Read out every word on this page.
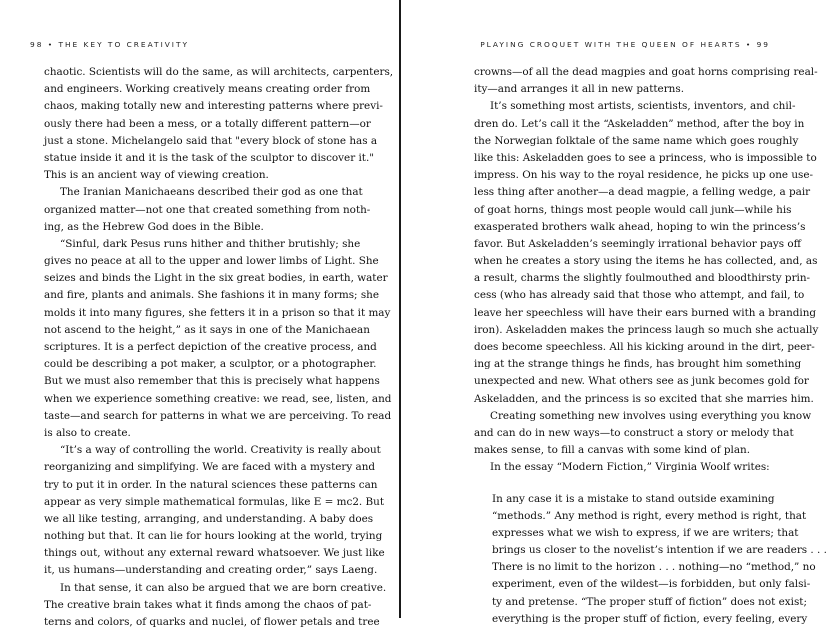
98 • THE KEY TO CREATIVITY
chaotic. Scientists will do the same, as will architects, carpenters,
and engineers. Working creatively means creating order from
chaos, making totally new and interesting patterns where previ-
ously there had been a mess, or a totally different pattern—or
just a stone. Michelangelo said that "every block of stone has a
statue inside it and it is the task of the sculptor to discover it."
This is an ancient way of viewing creation.
The Iranian Manichaeans described their god as one that
organized matter—not one that created something from noth-
ing, as the Hebrew God does in the Bible.
“Sinful, dark Pesus runs hither and thither brutishly; she
gives no peace at all to the upper and lower limbs of Light. She
seizes and binds the Light in the six great bodies, in earth, water
and fire, plants and animals. She fashions it in many forms; she
molds it into many figures, she fetters it in a prison so that it may
not ascend to the height,” as it says in one of the Manichaean
scriptures. It is a perfect depiction of the creative process, and
could be describing a pot maker, a sculptor, or a photographer.
But we must also remember that this is precisely what happens
when we experience something creative: we read, see, listen, and
taste—and search for patterns in what we are perceiving. To read
is also to create.
“It’s a way of controlling the world. Creativity is really about
reorganizing and simplifying. We are faced with a mystery and
try to put it in order. In the natural sciences these patterns can
appear as very simple mathematical formulas, like E = mc2. But
we all like testing, arranging, and understanding. A baby does
nothing but that. It can lie for hours looking at the world, trying
things out, without any external reward whatsoever. We just like
it, us humans—understanding and creating order,” says Laeng.
In that sense, it can also be argued that we are born creative.
The creative brain takes what it finds among the chaos of pat-
terns and colors, of quarks and nuclei, of flower petals and tree
PLAYING CROQUET WITH THE QUEEN OF HEARTS • 99
crowns—of all the dead magpies and goat horns comprising real-
ity—and arranges it all in new patterns.
It’s something most artists, scientists, inventors, and chil-
dren do. Let’s call it the “Askeladden” method, after the boy in
the Norwegian folktale of the same name which goes roughly
like this: Askeladden goes to see a princess, who is impossible to
impress. On his way to the royal residence, he picks up one use-
less thing after another—a dead magpie, a felling wedge, a pair
of goat horns, things most people would call junk—while his
exasperated brothers walk ahead, hoping to win the princess’s
favor. But Askeladden’s seemingly irrational behavior pays off
when he creates a story using the items he has collected, and, as
a result, charms the slightly foulmouthed and bloodthirsty prin-
cess (who has already said that those who attempt, and fail, to
leave her speechless will have their ears burned with a branding
iron). Askeladden makes the princess laugh so much she actually
does become speechless. All his kicking around in the dirt, peer-
ing at the strange things he finds, has brought him something
unexpected and new. What others see as junk becomes gold for
Askeladden, and the princess is so excited that she marries him.
Creating something new involves using everything you know
and can do in new ways—to construct a story or melody that
makes sense, to fill a canvas with some kind of plan.
In the essay “Modern Fiction,” Virginia Woolf writes:
In any case it is a mistake to stand outside examining
“methods.” Any method is right, every method is right, that
expresses what we wish to express, if we are writers; that
brings us closer to the novelist’s intention if we are readers . . .
There is no limit to the horizon . . . nothing—no “method,” no
experiment, even of the wildest—is forbidden, but only falsi-
ty and pretense. “The proper stuff of fiction” does not exist;
everything is the proper stuff of fiction, every feeling, every
